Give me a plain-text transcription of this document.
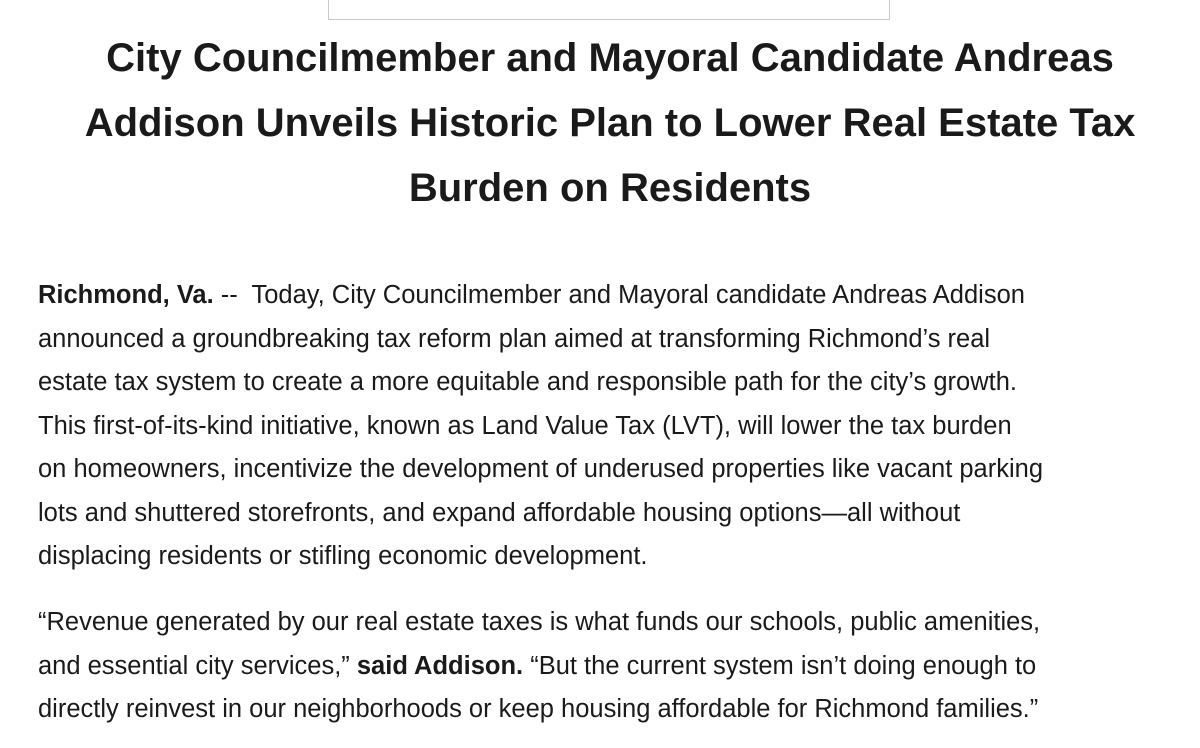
City Councilmember and Mayoral Candidate Andreas
Addison Unveils Historic Plan to Lower Real Estate Tax
Burden on Residents

Richmond, Va. --  Today, City Councilmember and Mayoral candidate Andreas Addison
announced a groundbreaking tax reform plan aimed at transforming Richmond’s real
estate tax system to create a more equitable and responsible path for the city’s growth.
This first-of-its-kind initiative, known as Land Value Tax (LVT), will lower the tax burden
on homeowners, incentivize the development of underused properties like vacant parking
lots and shuttered storefronts, and expand affordable housing options—all without
displacing residents or stifling economic development.

“Revenue generated by our real estate taxes is what funds our schools, public amenities,
and essential city services,” said Addison. “But the current system isn’t doing enough to
directly reinvest in our neighborhoods or keep housing affordable for Richmond families.”
